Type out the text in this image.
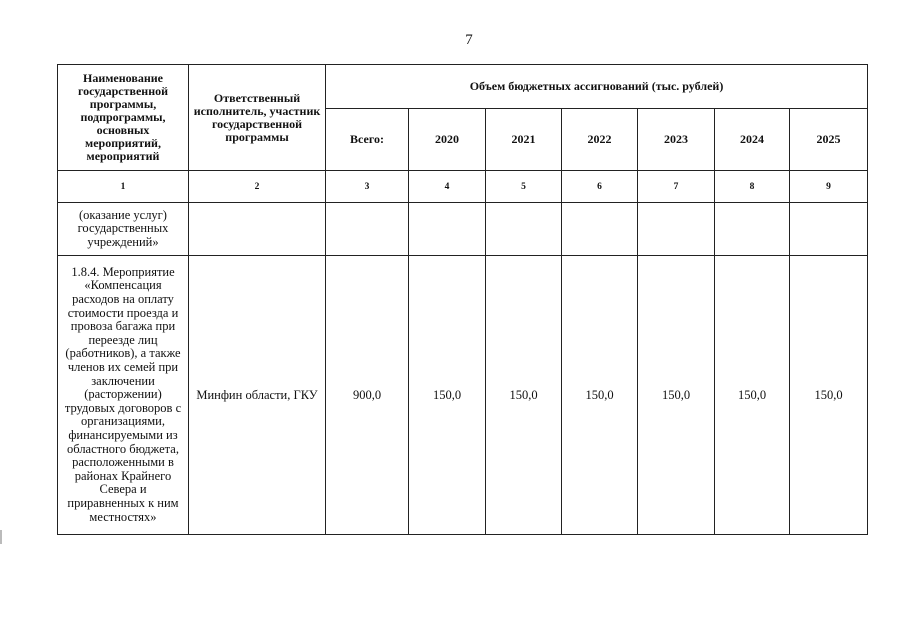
7
Наименование государственной программы, подпрограммы, основных мероприятий, мероприятий	Ответственный исполнитель, участник государственной программы	Объем бюджетных ассигнований (тыс. рублей)						
		Всего:	2020	2021	2022	2023	2024	2025
1	2	3	4	5	6	7	8	9
(оказание услуг) государственных учреждений»								
1.8.4. Мероприятие «Компенсация расходов на оплату стоимости проезда и провоза багажа при переезде лиц (работников), а также членов их семей при заключении (расторжении) трудовых договоров с организациями, финансируемыми из областного бюджета, расположенными в районах Крайнего Севера и приравненных к ним местностях»	Минфин области, ГКУ	900,0	150,0	150,0	150,0	150,0	150,0	150,0
